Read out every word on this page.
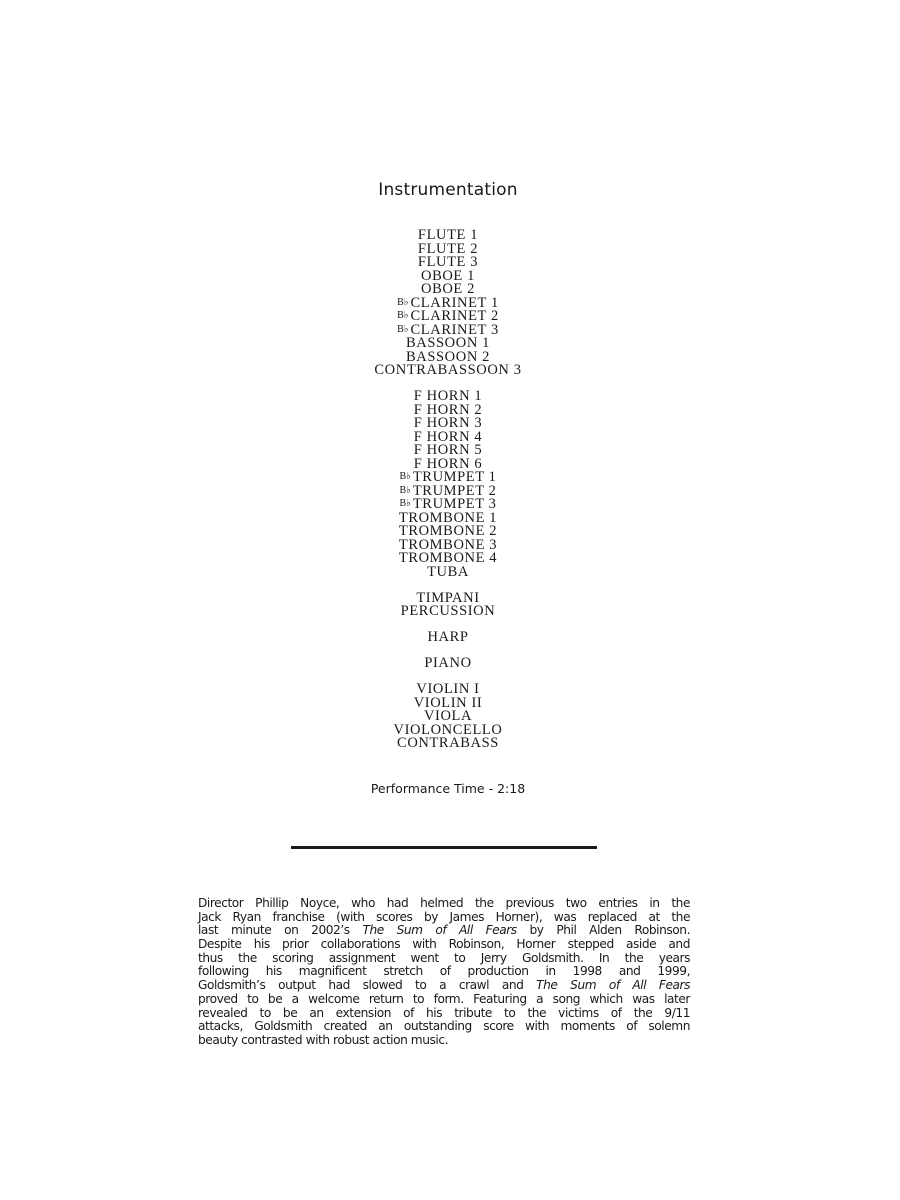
Instrumentation
FLUTE 1
FLUTE 2
FLUTE 3
OBOE 1
OBOE 2
B♭ CLARINET 1
B♭ CLARINET 2
B♭ CLARINET 3
BASSOON 1
BASSOON 2
CONTRABASSOON 3
F HORN 1
F HORN 2
F HORN 3
F HORN 4
F HORN 5
F HORN 6
B♭ TRUMPET 1
B♭ TRUMPET 2
B♭ TRUMPET 3
TROMBONE 1
TROMBONE 2
TROMBONE 3
TROMBONE 4
TUBA
TIMPANI
PERCUSSION
HARP
PIANO
VIOLIN I
VIOLIN II
VIOLA
VIOLONCELLO
CONTRABASS
Performance Time - 2:18
Director Phillip Noyce, who had helmed the previous two entries in the
Jack Ryan franchise (with scores by James Horner), was replaced at the
last minute on 2002’s The Sum of All Fears by Phil Alden Robinson.
Despite his prior collaborations with Robinson, Horner stepped aside and
thus the scoring assignment went to Jerry Goldsmith. In the years
following his magnificent stretch of production in 1998 and 1999,
Goldsmith’s output had slowed to a crawl and The Sum of All Fears
proved to be a welcome return to form. Featuring a song which was later
revealed to be an extension of his tribute to the victims of the 9/11
attacks, Goldsmith created an outstanding score with moments of solemn
beauty contrasted with robust action music.
